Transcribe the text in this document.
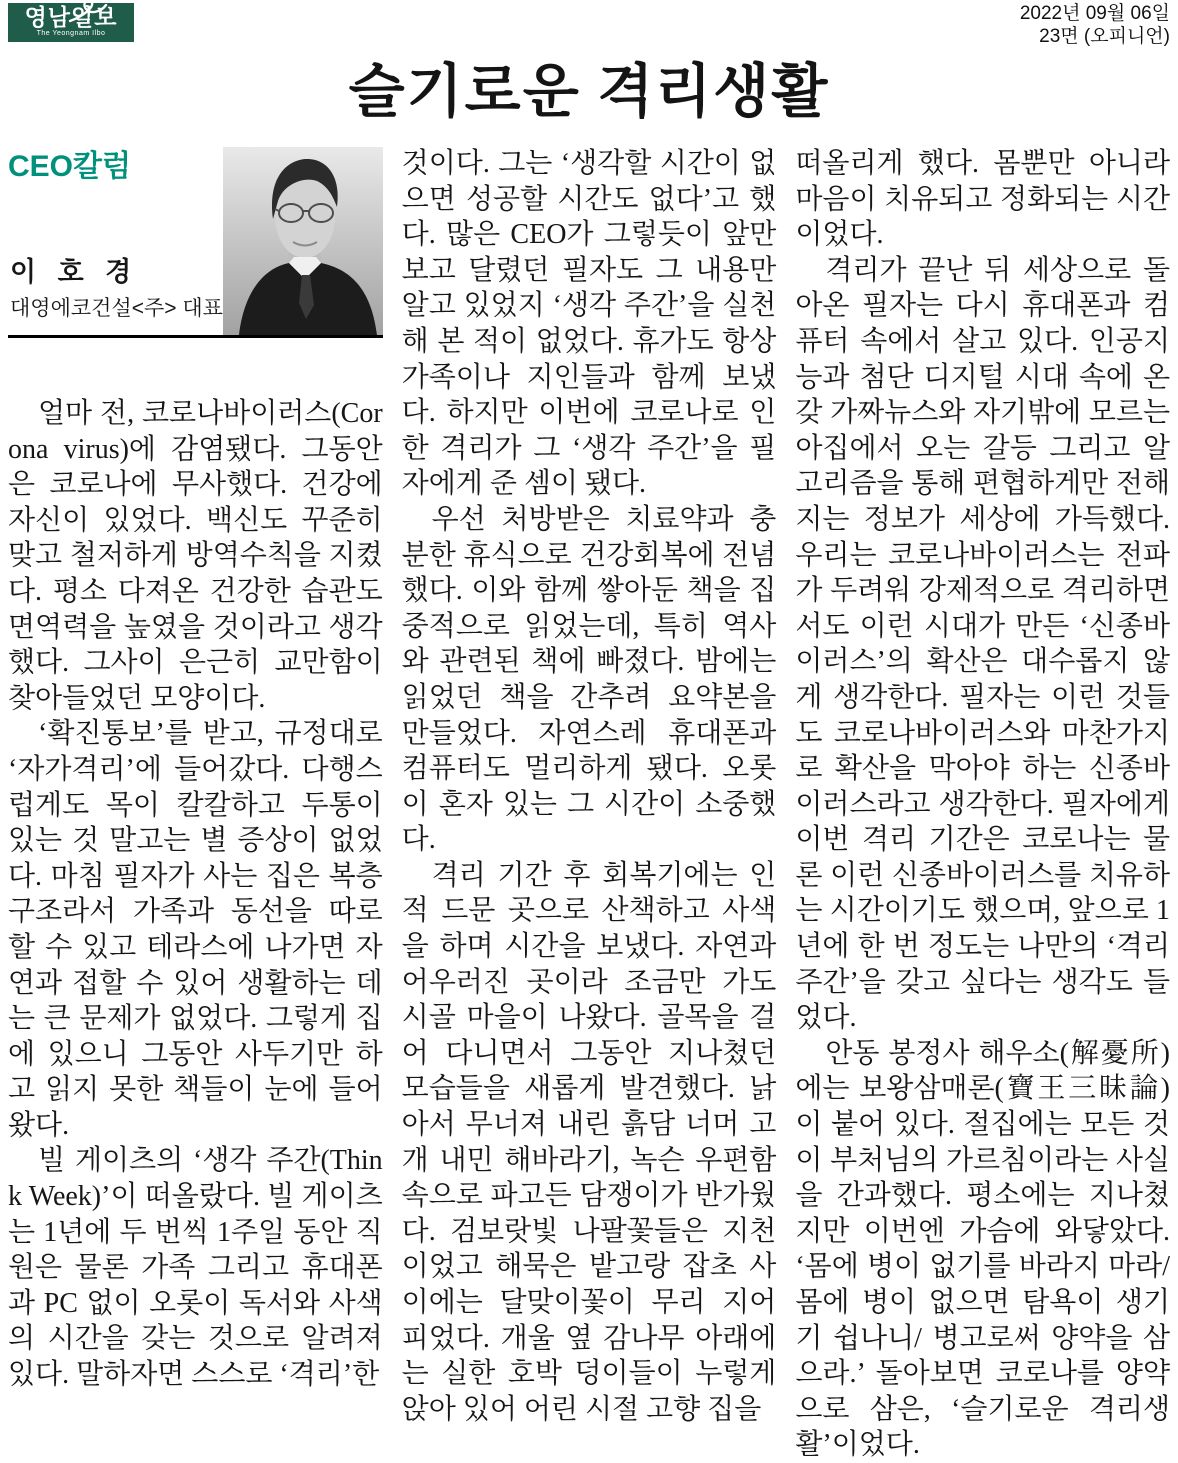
영남일보
The Yeongnam Ilbo
2022년 09월 06일
23면 (오피니언)
슬기로운 격리생활
CEO칼럼
이 호 경
대영에코건설<주> 대표

얼마 전, 코로나바이러스(Corona virus)에 감염됐다. 그동안은 코로나에 무사했다. 건강에 자신이 있었다. 백신도 꾸준히 맞고 철저하게 방역수칙을 지켰다. 평소 다져온 건강한 습관도 면역력을 높였을 것이라고 생각했다. 그사이 은근히 교만함이 찾아들었던 모양이다.

‘확진통보’를 받고, 규정대로 ‘자가격리’에 들어갔다. 다행스럽게도 목이 칼칼하고 두통이 있는 것 말고는 별 증상이 없었다. 마침 필자가 사는 집은 복층구조라서 가족과 동선을 따로 할 수 있고 테라스에 나가면 자연과 접할 수 있어 생활하는 데는 큰 문제가 없었다. 그렇게 집에 있으니 그동안 사두기만 하고 읽지 못한 책들이 눈에 들어왔다.

빌 게이츠의 ‘생각 주간(Think Week)’이 떠올랐다. 빌 게이츠는 1년에 두 번씩 1주일 동안 직원은 물론 가족 그리고 휴대폰과 PC 없이 오롯이 독서와 사색의 시간을 갖는 것으로 알려져 있다. 말하자면 스스로 ‘격리’한

것이다. 그는 ‘생각할 시간이 없으면 성공할 시간도 없다’고 했다. 많은 CEO가 그렇듯이 앞만 보고 달렸던 필자도 그 내용만 알고 있었지 ‘생각 주간’을 실천해 본 적이 없었다. 휴가도 항상 가족이나 지인들과 함께 보냈다. 하지만 이번에 코로나로 인한 격리가 그 ‘생각 주간’을 필자에게 준 셈이 됐다.

우선 처방받은 치료약과 충분한 휴식으로 건강회복에 전념했다. 이와 함께 쌓아둔 책을 집중적으로 읽었는데, 특히 역사와 관련된 책에 빠졌다. 밤에는 읽었던 책을 간추려 요약본을 만들었다. 자연스레 휴대폰과 컴퓨터도 멀리하게 됐다. 오롯이 혼자 있는 그 시간이 소중했다.

격리 기간 후 회복기에는 인적 드문 곳으로 산책하고 사색을 하며 시간을 보냈다. 자연과 어우러진 곳이라 조금만 가도 시골 마을이 나왔다. 골목을 걸어 다니면서 그동안 지나쳤던 모습들을 새롭게 발견했다. 낡아서 무너져 내린 흙담 너머 고개 내민 해바라기, 녹슨 우편함 속으로 파고든 담쟁이가 반가웠다. 검보랏빛 나팔꽃들은 지천이었고 해묵은 밭고랑 잡초 사이에는 달맞이꽃이 무리 지어 피었다. 개울 옆 감나무 아래에는 실한 호박 덩이들이 누렇게 앉아 있어 어린 시절 고향 집을

떠올리게 했다. 몸뿐만 아니라 마음이 치유되고 정화되는 시간이었다.

격리가 끝난 뒤 세상으로 돌아온 필자는 다시 휴대폰과 컴퓨터 속에서 살고 있다. 인공지능과 첨단 디지털 시대 속에 온갖 가짜뉴스와 자기밖에 모르는 아집에서 오는 갈등 그리고 알고리즘을 통해 편협하게만 전해지는 정보가 세상에 가득했다. 우리는 코로나바이러스는 전파가 두려워 강제적으로 격리하면서도 이런 시대가 만든 ‘신종바이러스’의 확산은 대수롭지 않게 생각한다. 필자는 이런 것들도 코로나바이러스와 마찬가지로 확산을 막아야 하는 신종바이러스라고 생각한다. 필자에게 이번 격리 기간은 코로나는 물론 이런 신종바이러스를 치유하는 시간이기도 했으며, 앞으로 1년에 한 번 정도는 나만의 ‘격리 주간’을 갖고 싶다는 생각도 들었다.

안동 봉정사 해우소(解憂所)에는 보왕삼매론(寶王三昧論)이 붙어 있다. 절집에는 모든 것이 부처님의 가르침이라는 사실을 간과했다. 평소에는 지나쳤지만 이번엔 가슴에 와닿았다. ‘몸에 병이 없기를 바라지 마라/ 몸에 병이 없으면 탐욕이 생기기 쉽나니/ 병고로써 양약을 삼으라.’ 돌아보면 코로나를 양약으로 삼은, ‘슬기로운 격리생활’이었다.
